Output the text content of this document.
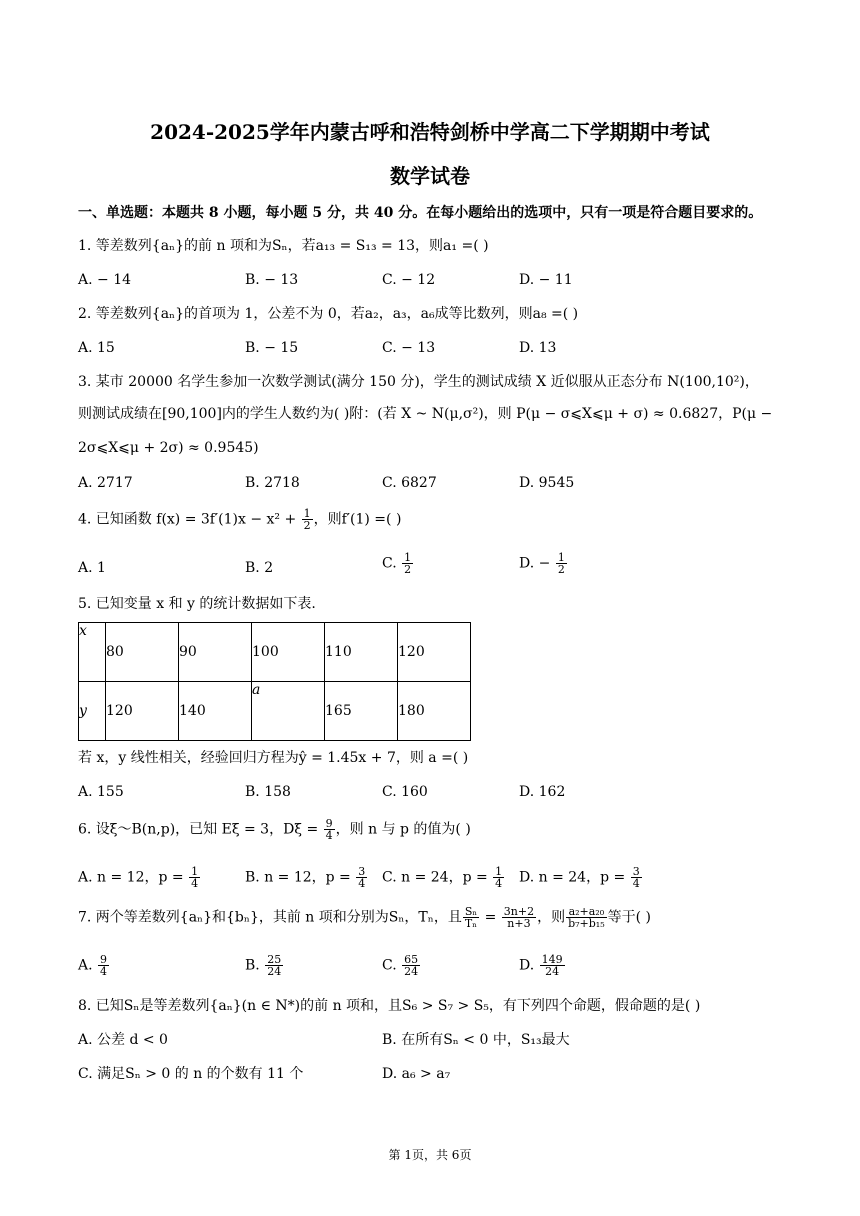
2024-2025学年内蒙古呼和浩特剑桥中学高二下学期期中考试
数学试卷
一、单选题：本题共 8 小题，每小题 5 分，共 40 分。在每小题给出的选项中，只有一项是符合题目要求的。
1. 等差数列{aₙ}的前 n 项和为Sₙ，若a₁₃ = S₁₃ = 13，则a₁ =( )
A. − 14	B. − 13	C. − 12	D. − 11
2. 等差数列{aₙ}的首项为 1，公差不为 0，若a₂，a₃，a₆成等比数列，则a₈ =( )
A. 15	B. − 15	C. − 13	D. 13
3. 某市 20000 名学生参加一次数学测试(满分 150 分)，学生的测试成绩 X 近似服从正态分布 N(100,10²)，
则测试成绩在[90,100]内的学生人数约为( )附：(若 X ~ N(μ,σ²)，则 P(μ − σ⩽X⩽μ + σ) ≈ 0.6827，P(μ −
2σ⩽X⩽μ + 2σ) ≈ 0.9545)
A. 2717	B. 2718	C. 6827	D. 9545
4. 已知函数 $f(x) = 3f'(1)x - x^2 + \frac{1}{2}$ ，则f′(1) =( )
A. 1	B. 2	C. $\frac{1}{2}$	D. − $\frac{1}{2}$
5. 已知变量 x 和 y 的统计数据如下表.
x	80	90	100	110	120
y	120	140	a	165	180
若 x，y 线性相关，经验回归方程为ŷ = 1.45x + 7，则 a =( )
A. 155	B. 158	C. 160	D. 162
6. 设ξ～B(n,p)，已知 Eξ = 3，$D\xi = \frac{9}{4}$ ，则 n 与 p 的值为( )
A. n = 12，$p = \frac{1}{4}$	B. n = 12，$p = \frac{3}{4} C$. n = 24，$p = \frac{1}{4} D$. n = 24，$p = \frac{3}{4}$
7. 两个等差数列{aₙ}和{bₙ}，其前 n 项和分别为Sₙ，Tₙ，且 $\frac{\text{Sₙ}}{\text{Tₙ}} = \frac{3n+2}{n+3}$ ，则 $\frac{\text{a₂+a₂₀}}{\text{b₇+b₁₅}}$ 等于( )
A. $\frac{9}{4}$	B. $\frac{25}{24}$	C. $\frac{65}{24}$	D. $\frac{149}{24}$
8. 已知Sₙ是等差数列{aₙ}(n ∈ N*)的前 n 项和，且S₆ > S₇ > S₅，有下列四个命题，假命题的是( )
A. 公差 d < 0	B. 在所有Sₙ < 0 中，S₁₃最大
C. 满足Sₙ > 0 的 n 的个数有 11 个	D. a₆ > a₇
第 1页，共 6页
